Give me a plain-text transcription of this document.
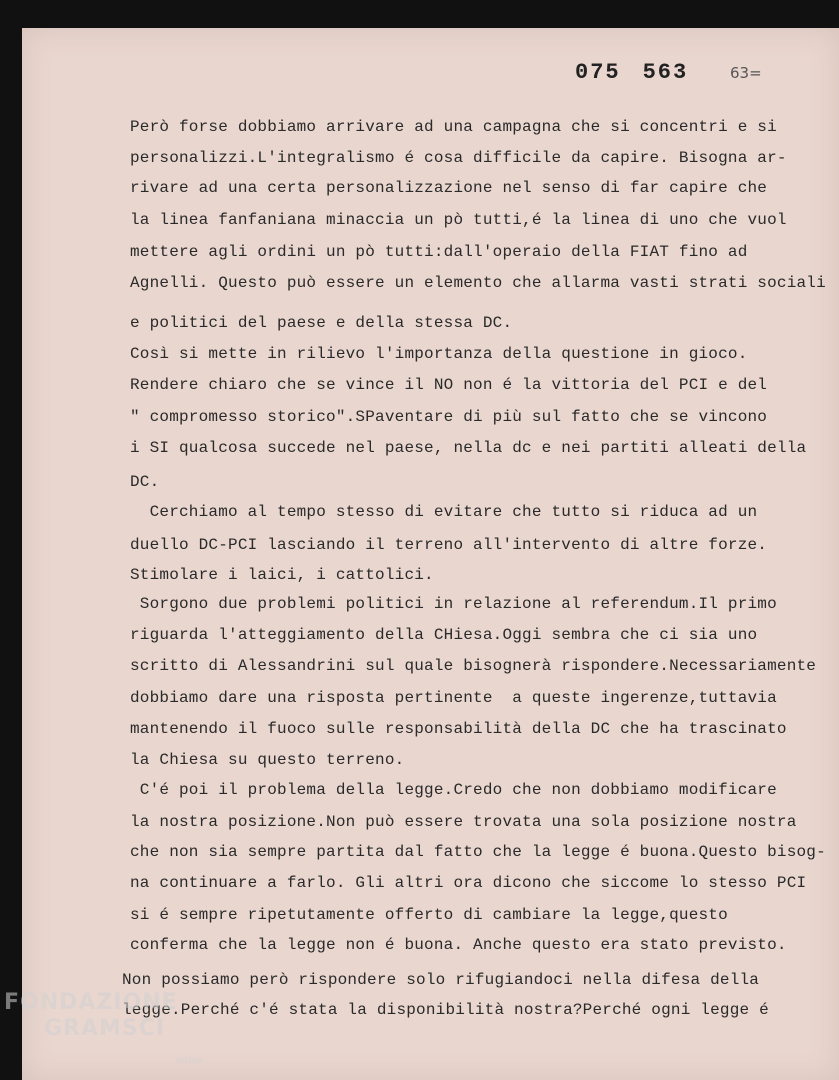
075 563	63=
Però forse dobbiamo arrivare ad una campagna che si concentri e si
personalizzi.L'integralismo é cosa difficile da capire. Bisogna ar-
rivare ad una certa personalizzazione nel senso di far capire che
la linea fanfaniana minaccia un pò tutti,é la linea di uno che vuol
mettere agli ordini un pò tutti:dall'operaio della FIAT fino ad
Agnelli. Questo può essere un elemento che allarma vasti strati sociali
e politici del paese e della stessa DC.
Così si mette in rilievo l'importanza della questione in gioco.
Rendere chiaro che se vince il NO non é la vittoria del PCI e del
" compromesso storico".SPaventare di più sul fatto che se vincono
i SI qualcosa succede nel paese, nella dc e nei partiti alleati della
DC.
Cerchiamo al tempo stesso di evitare che tutto si riduca ad un
duello DC-PCI lasciando il terreno all'intervento di altre forze.
Stimolare i laici, i cattolici.
Sorgono due problemi politici in relazione al referendum.Il primo
riguarda l'atteggiamento della CHiesa.Oggi sembra che ci sia uno
scritto di Alessandrini sul quale bisognerà rispondere.Necessariamente
dobbiamo dare una risposta pertinente  a queste ingerenze,tuttavia
mantenendo il fuoco sulle responsabilità della DC che ha trascinato
la Chiesa su questo terreno.
C'é poi il problema della legge.Credo che non dobbiamo modificare
la nostra posizione.Non può essere trovata una sola posizione nostra
che non sia sempre partita dal fatto che la legge é buona.Questo bisog-
na continuare a farlo. Gli altri ora dicono che siccome lo stesso PCI
si é sempre ripetutamente offerto di cambiare la legge,questo
conferma che la legge non é buona. Anche questo era stato previsto.
Non possiamo però rispondere solo rifugiandoci nella difesa della
legge.Perché c'é stata la disponibilità nostra?Perché ogni legge é
FONDAZIONE
GRAMSCI
onlus
